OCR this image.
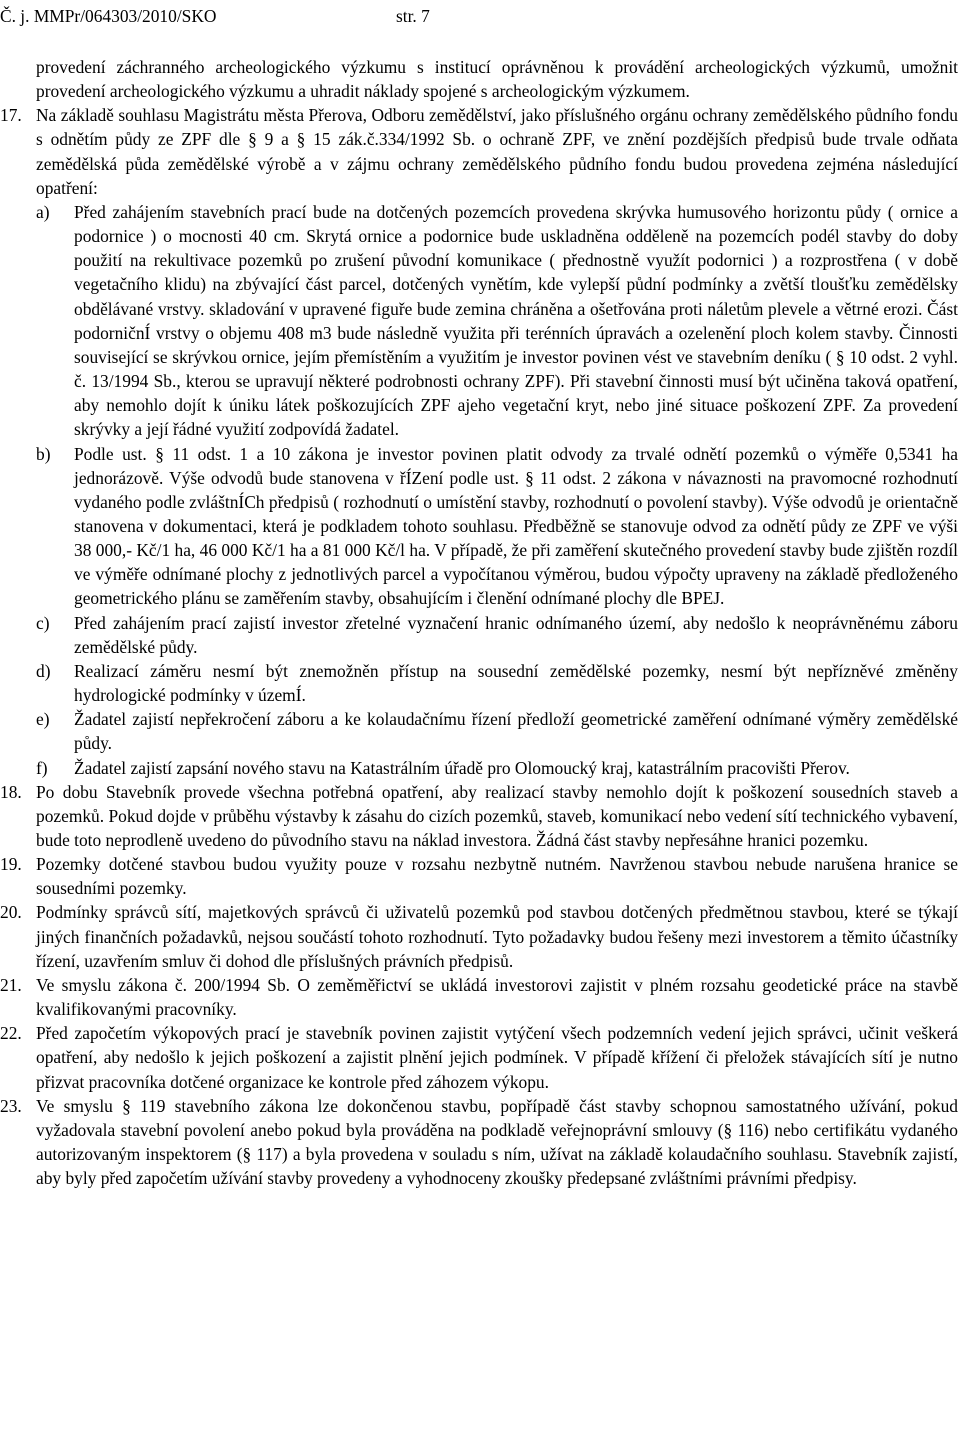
Č. j. MMPr/064303/2010/SKO	str. 7

provedení záchranného archeologického výzkumu s institucí oprávněnou k provádění archeologických výzkumů, umožnit provedení archeologického výzkumu a uhradit náklady spojené s archeologickým výzkumem.

17. Na základě souhlasu Magistrátu města Přerova, Odboru zemědělství, jako příslušného orgánu ochrany zemědělského půdního fondu s odnětím půdy ze ZPF dle § 9 a § 15 zák.č.334/1992 Sb. o ochraně ZPF, ve znění pozdějších předpisů bude trvale odňata zemědělská půda zemědělské výrobě a v zájmu ochrany zemědělského půdního fondu budou provedena zejména následující opatření:
a)	Před zahájením stavebních prací bude na dotčených pozemcích provedena skrývka humusového horizontu půdy ( ornice a podornice ) o mocnosti 40 cm. Skrytá ornice a podornice bude uskladněna odděleně na pozemcích podél stavby do doby použití na rekultivace pozemků po zrušení původní komunikace ( přednostně využít podornici ) a rozprostřena ( v době vegetačního klidu) na zbývající část parcel, dotčených vynětím, kde vylepší půdní podmínky a zvětší tloušťku zemědělsky obdělávané vrstvy. skladování v upravené figuře bude zemina chráněna a ošetřována proti náletům plevele a větrné erozi. Část podorničnÍ vrstvy o objemu 408 m3 bude následně využita při terénních úpravách a ozelenění ploch kolem stavby. Činnosti související se skrývkou ornice, jejím přemístěním a využitím je investor povinen vést ve stavebním deníku ( § 10 odst. 2 vyhl. č. 13/1994 Sb., kterou se upravují některé podrobnosti ochrany ZPF). Při stavební činnosti musí být učiněna taková opatření, aby nemohlo dojít k úniku látek poškozujících ZPF ajeho vegetační kryt, nebo jiné situace poškození ZPF. Za provedení skrývky a její řádné využití zodpovídá žadatel.
b)	Podle ust. § 11 odst. 1 a 10 zákona je investor povinen platit odvody za trvalé odnětí pozemků o výměře 0,5341 ha jednorázově. Výše odvodů bude stanovena v řÍZení podle ust. § 11 odst. 2 zákona v návaznosti na pravomocné rozhodnutí vydaného podle zvláštnÍCh předpisů ( rozhodnutí o umístění stavby, rozhodnutí o povolení stavby). Výše odvodů je orientačně stanovena v dokumentaci, která je podkladem tohoto souhlasu. Předběžně se stanovuje odvod za odnětí půdy ze ZPF ve výši 38 000,- Kč/1 ha, 46 000 Kč/1 ha a 81 000 Kč/l ha. V případě, že při zaměření skutečného provedení stavby bude zjištěn rozdíl ve výměře odnímané plochy z jednotlivých parcel a vypočítanou výměrou, budou výpočty upraveny na základě předloženého geometrického plánu se zaměřením stavby, obsahujícím i členění odnímané plochy dle BPEJ.
c)	Před zahájením prací zajistí investor zřetelné vyznačení hranic odnímaného území, aby nedošlo k neoprávněnému záboru zemědělské půdy.
d)	Realizací záměru nesmí být znemožněn přístup na sousední zemědělské pozemky, nesmí být nepřízněvé změněny hydrologické podmínky v územÍ.
e)	Žadatel zajistí nepřekročení záboru a ke kolaudačnímu řízení předloží geometrické zaměření odnímané výměry zemědělské půdy.
f)	Žadatel zajistí zapsání nového stavu na Katastrálním úřadě pro Olomoucký kraj, katastrálním pracovišti Přerov.
18. Po dobu Stavebník provede všechna potřebná opatření, aby realizací stavby nemohlo dojít k poškození sousedních staveb a pozemků. Pokud dojde v průběhu výstavby k zásahu do cizích pozemků, staveb, komunikací nebo vedení sítí technického vybavení, bude toto neprodleně uvedeno do původního stavu na náklad investora. Žádná část stavby nepřesáhne hranici pozemku.
19. Pozemky dotčené stavbou budou využity pouze v rozsahu nezbytně nutném. Navrženou stavbou nebude narušena hranice se sousedními pozemky.
20. Podmínky správců sítí, majetkových správců či uživatelů pozemků pod stavbou dotčených předmětnou stavbou, které se týkají jiných finančních požadavků, nejsou součástí tohoto rozhodnutí. Tyto požadavky budou řešeny mezi investorem a těmito účastníky řízení, uzavřením smluv či dohod dle příslušných právních předpisů.
21. Ve smyslu zákona č. 200/1994 Sb. O zeměměřictví se ukládá investorovi zajistit v plném rozsahu geodetické práce na stavbě kvalifikovanými pracovníky.
22. Před započetím výkopových prací je stavebník povinen zajistit vytýčení všech podzemních vedení jejich správci, učinit veškerá opatření, aby nedošlo k jejich poškození a zajistit plnění jejich podmínek. V případě křížení či přeložek stávajících sítí je nutno přizvat pracovníka dotčené organizace ke kontrole před záhozem výkopu.
23. Ve smyslu § 119 stavebního zákona lze dokončenou stavbu, popřípadě část stavby schopnou samostatného užívání, pokud vyžadovala stavební povolení anebo pokud byla prováděna na podkladě veřejnoprávní smlouvy (§ 116) nebo certifikátu vydaného autorizovaným inspektorem (§ 117) a byla provedena v souladu s ním, užívat na základě kolaudačního souhlasu. Stavebník zajistí, aby byly před započetím užívání stavby provedeny a vyhodnoceny zkoušky předepsané zvláštními právními předpisy.
